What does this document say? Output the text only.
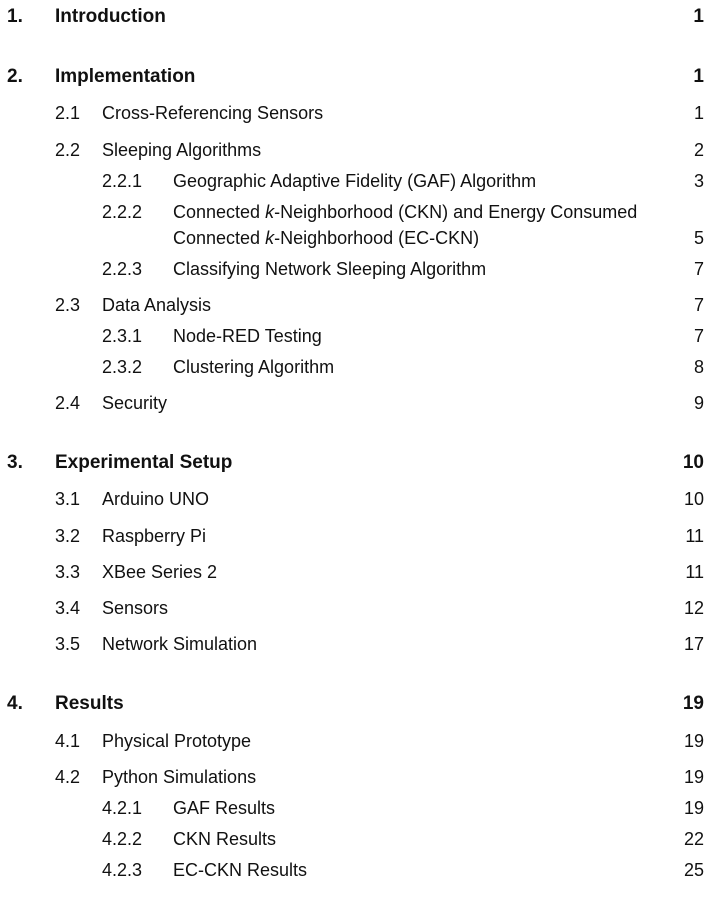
1. Introduction	1
2. Implementation	1
2.1 Cross-Referencing Sensors	1
2.2 Sleeping Algorithms	2
2.2.1 Geographic Adaptive Fidelity (GAF) Algorithm	3
2.2.2 Connected k-Neighborhood (CKN) and Energy Consumed Connected k-Neighborhood (EC-CKN)	5
2.2.3 Classifying Network Sleeping Algorithm	7
2.3 Data Analysis	7
2.3.1 Node-RED Testing	7
2.3.2 Clustering Algorithm	8
2.4 Security	9
3. Experimental Setup	10
3.1 Arduino UNO	10
3.2 Raspberry Pi	11
3.3 XBee Series 2	11
3.4 Sensors	12
3.5 Network Simulation	17
4. Results	19
4.1 Physical Prototype	19
4.2 Python Simulations	19
4.2.1 GAF Results	19
4.2.2 CKN Results	22
4.2.3 EC-CKN Results	25
